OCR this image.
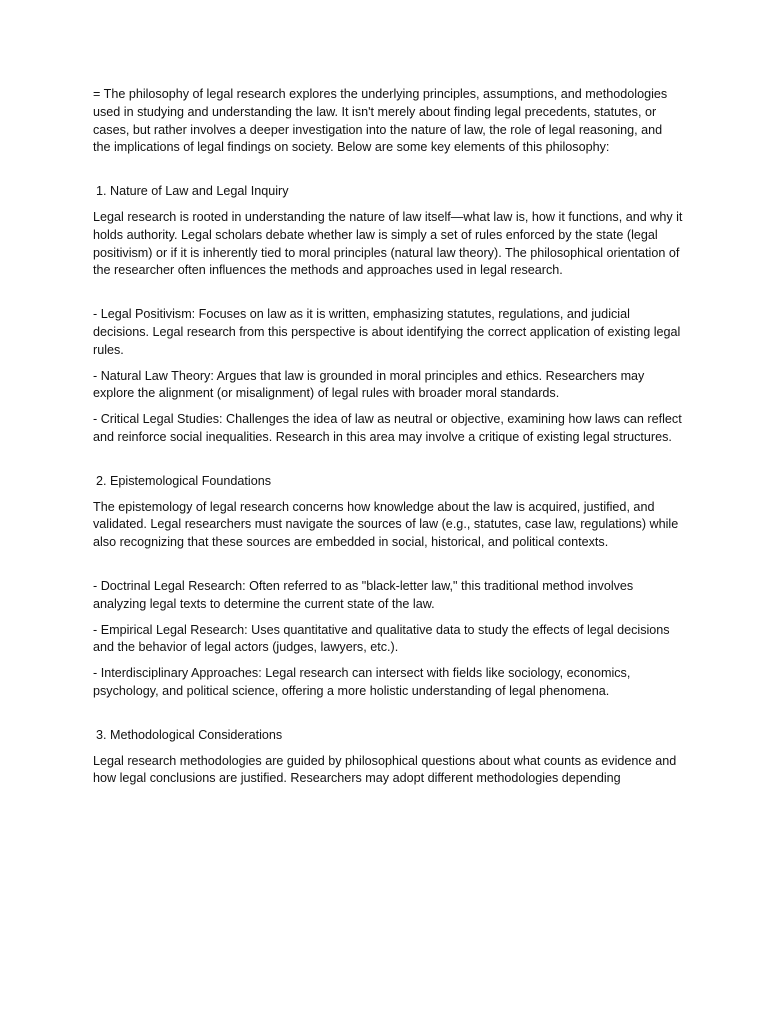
= The philosophy of legal research explores the underlying principles, assumptions, and methodologies used in studying and understanding the law. It isn't merely about finding legal precedents, statutes, or cases, but rather involves a deeper investigation into the nature of law, the role of legal reasoning, and the implications of legal findings on society. Below are some key elements of this philosophy:

1. Nature of Law and Legal Inquiry

Legal research is rooted in understanding the nature of law itself—what law is, how it functions, and why it holds authority. Legal scholars debate whether law is simply a set of rules enforced by the state (legal positivism) or if it is inherently tied to moral principles (natural law theory). The philosophical orientation of the researcher often influences the methods and approaches used in legal research.

- Legal Positivism: Focuses on law as it is written, emphasizing statutes, regulations, and judicial decisions. Legal research from this perspective is about identifying the correct application of existing legal rules.

- Natural Law Theory: Argues that law is grounded in moral principles and ethics. Researchers may explore the alignment (or misalignment) of legal rules with broader moral standards.

- Critical Legal Studies: Challenges the idea of law as neutral or objective, examining how laws can reflect and reinforce social inequalities. Research in this area may involve a critique of existing legal structures.

2. Epistemological Foundations

The epistemology of legal research concerns how knowledge about the law is acquired, justified, and validated. Legal researchers must navigate the sources of law (e.g., statutes, case law, regulations) while also recognizing that these sources are embedded in social, historical, and political contexts.

- Doctrinal Legal Research: Often referred to as "black-letter law," this traditional method involves analyzing legal texts to determine the current state of the law.

- Empirical Legal Research: Uses quantitative and qualitative data to study the effects of legal decisions and the behavior of legal actors (judges, lawyers, etc.).

- Interdisciplinary Approaches: Legal research can intersect with fields like sociology, economics, psychology, and political science, offering a more holistic understanding of legal phenomena.

3. Methodological Considerations

Legal research methodologies are guided by philosophical questions about what counts as evidence and how legal conclusions are justified. Researchers may adopt different methodologies depending
